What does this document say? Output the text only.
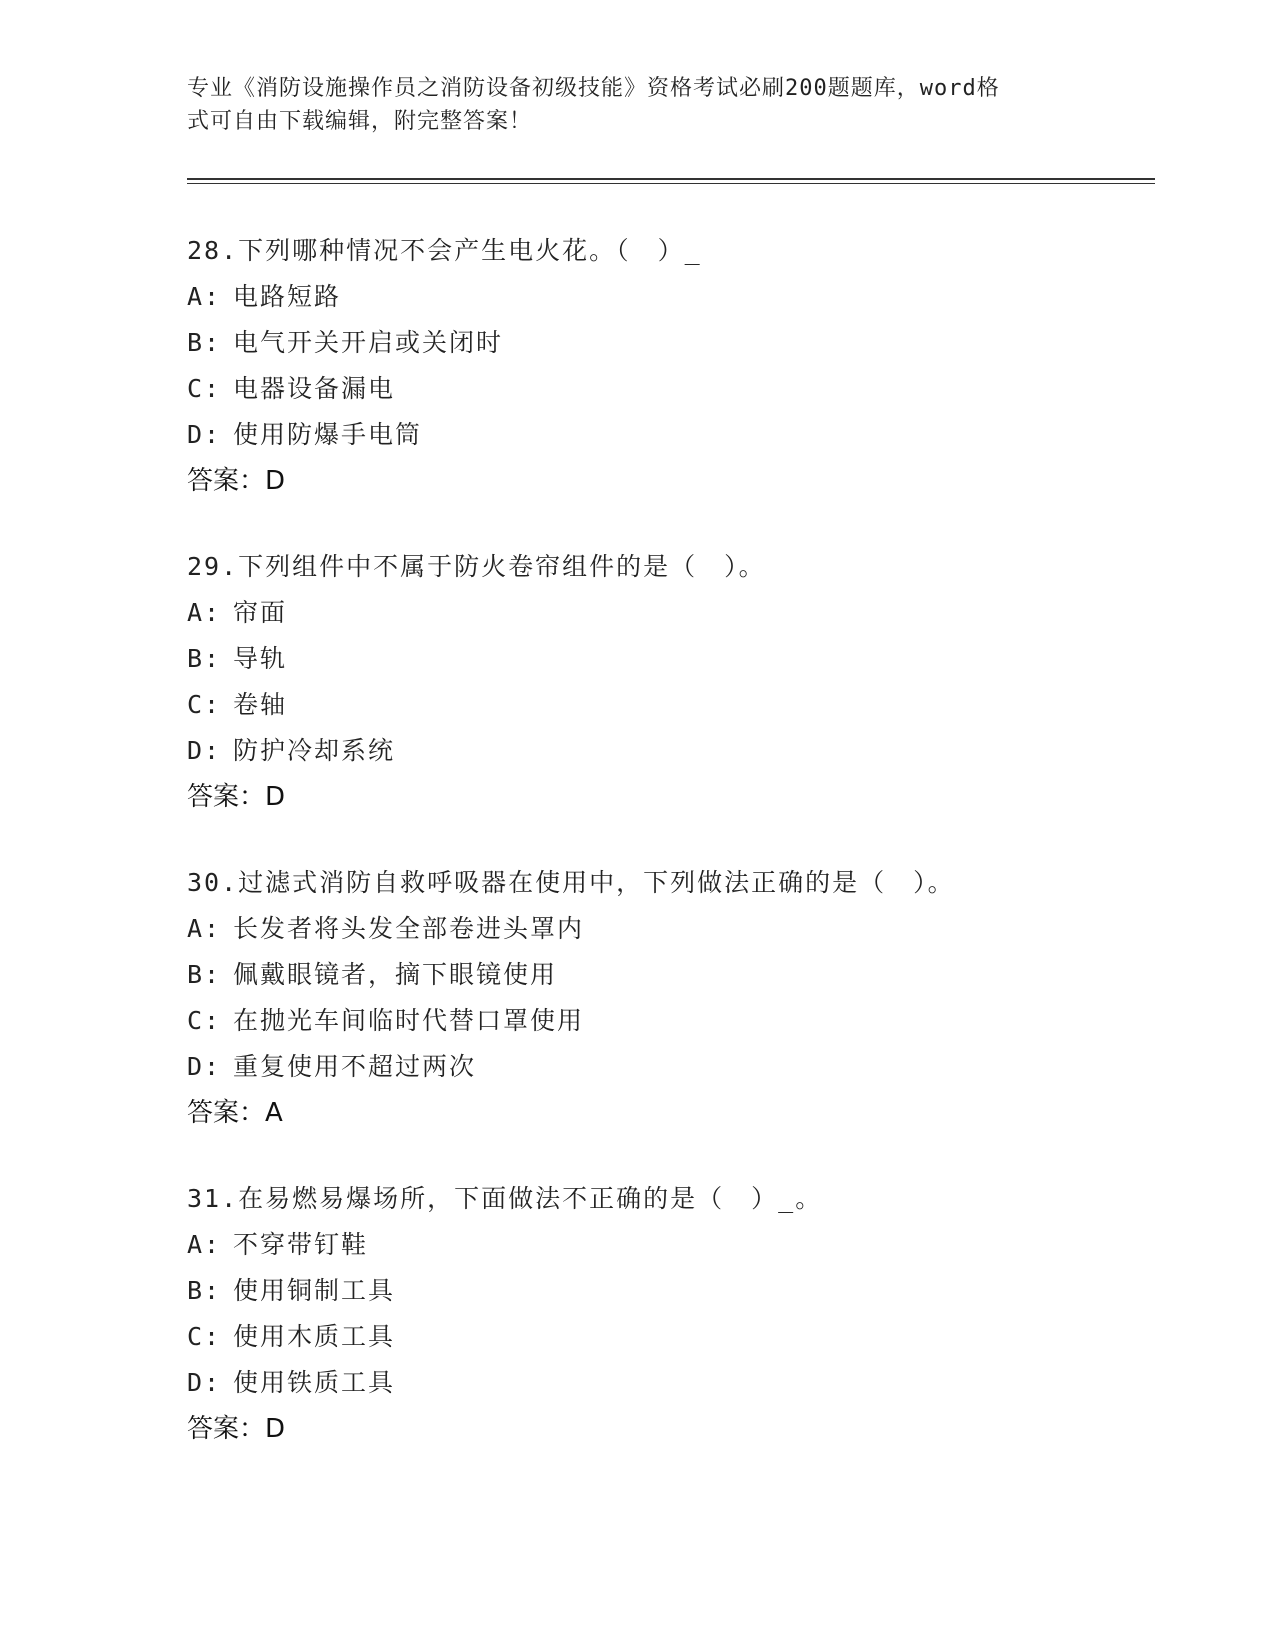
专业《消防设施操作员之消防设备初级技能》资格考试必刷200题题库，word格
式可自由下载编辑，附完整答案！
28.下列哪种情况不会产生电火花。（　）_
A: 电路短路
B: 电气开关开启或关闭时
C: 电器设备漏电
D: 使用防爆手电筒
答案：D
29.下列组件中不属于防火卷帘组件的是（　）。
A: 帘面
B: 导轨
C: 卷轴
D: 防护冷却系统
答案：D
30.过滤式消防自救呼吸器在使用中，下列做法正确的是（　）。
A: 长发者将头发全部卷进头罩内
B: 佩戴眼镜者，摘下眼镜使用
C: 在抛光车间临时代替口罩使用
D: 重复使用不超过两次
答案：A
31.在易燃易爆场所，下面做法不正确的是（　）_。
A: 不穿带钉鞋
B: 使用铜制工具
C: 使用木质工具
D: 使用铁质工具
答案：D
